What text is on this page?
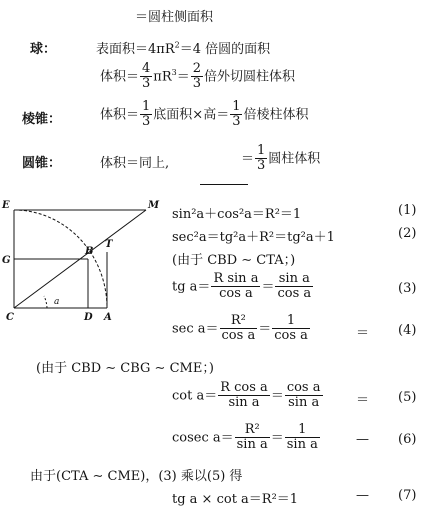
＝圆柱侧面积
球：	表面积$=4\pi R^2=4$ 倍圆的面积
体积＝ $\frac{4}{3} \pi R^3= \frac{2}{3}$ 倍外切圆柱体积
棱锥：	体积＝ $\frac{1}{3}$ 底面积×高＝ $\frac{1}{3}$ 倍棱柱体积
圆锥：	体积＝同上,	＝ $\frac{1}{3}$ 圆柱体积
E	M
G
B
T
C	D A
a
sin²a＋cos²a＝R²＝1	(1)
sec²a＝tg²a＋R²＝tg²a＋1	(2)
(由于 CBD ∼ CTA；)
tg $a= \frac{\text{R sin a}}{\text{cos a}} = \frac{\text{sin a}}{\text{cos a}}$	(3)
$\sec a= \frac{\text{R²}}{\text{cos a}} = \frac{1}{\text{cos a}}$	＝ (4)
(由于 CBD ∼ CBG ∼ CME；)
$\cot a= \frac{\text{R cos a}}{\text{sin a}} = \frac{\text{cos a}}{\text{sin a}}$	＝ (5)
cosec $a= \frac{\text{R²}}{\text{sin a}} = \frac{1}{\text{sin a}}$	— (6)
由于(CTA ∼ CME)，(3) 乘以(5) 得
tg a × cot a＝R²＝1	— (7)
